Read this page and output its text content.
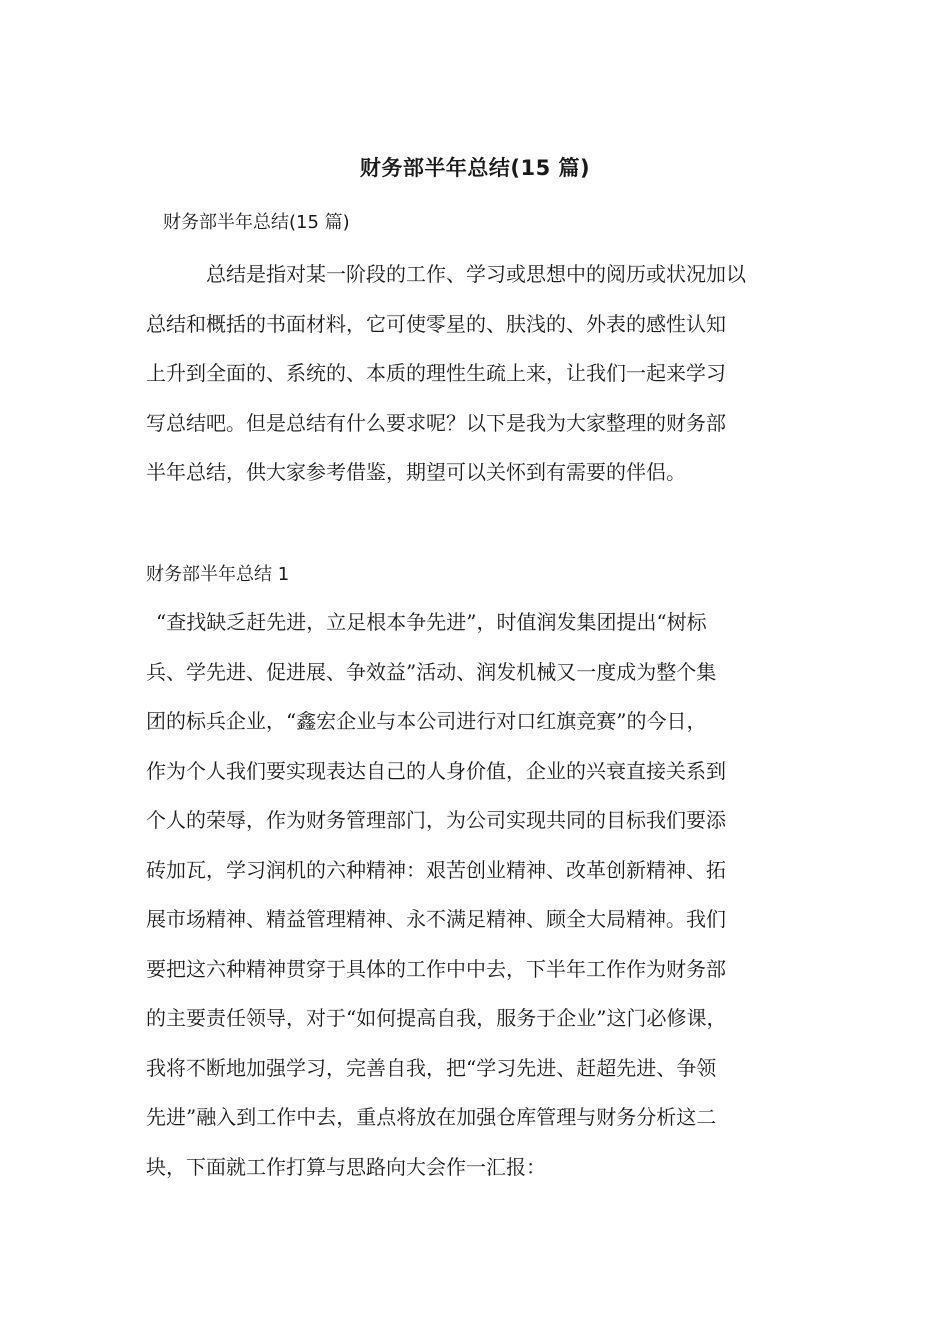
财务部半年总结(15 篇)

财务部半年总结(15 篇)

总结是指对某一阶段的工作、学习或思想中的阅历或状况加以
总结和概括的书面材料，它可使零星的、肤浅的、外表的感性认知
上升到全面的、系统的、本质的理性生疏上来，让我们一起来学习
写总结吧。但是总结有什么要求呢？以下是我为大家整理的财务部
半年总结，供大家参考借鉴，期望可以关怀到有需要的伴侣。

财务部半年总结 1

“查找缺乏赶先进，立足根本争先进”，时值润发集团提出“树标
兵、学先进、促进展、争效益”活动、润发机械又一度成为整个集
团的标兵企业，“鑫宏企业与本公司进行对口红旗竞赛”的今日，
作为个人我们要实现表达自己的人身价值，企业的兴衰直接关系到
个人的荣辱，作为财务管理部门，为公司实现共同的目标我们要添
砖加瓦，学习润机的六种精神：艰苦创业精神、改革创新精神、拓
展市场精神、精益管理精神、永不满足精神、顾全大局精神。我们
要把这六种精神贯穿于具体的工作中中去，下半年工作作为财务部
的主要责任领导，对于“如何提高自我，服务于企业”这门必修课，
我将不断地加强学习，完善自我，把“学习先进、赶超先进、争领
先进”融入到工作中去，重点将放在加强仓库管理与财务分析这二
块，下面就工作打算与思路向大会作一汇报：
